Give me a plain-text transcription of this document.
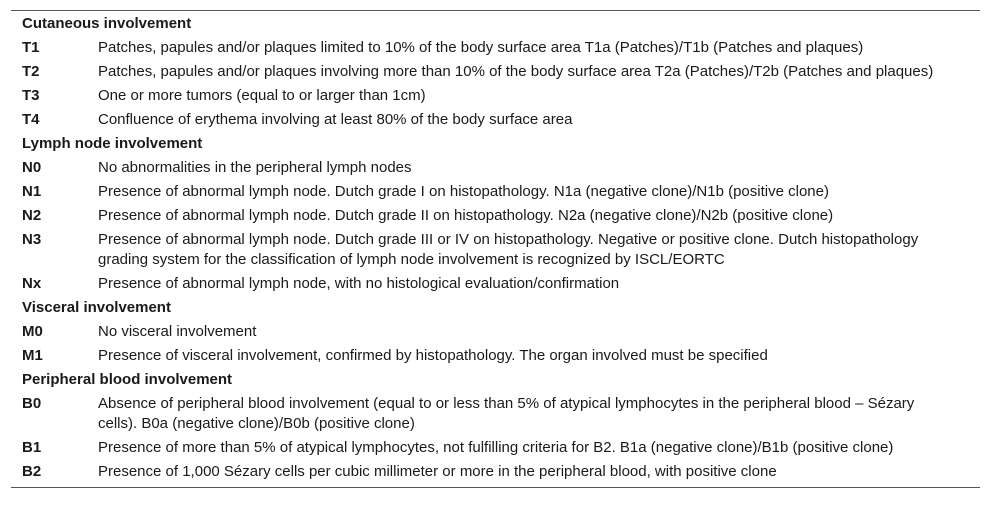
Cutaneous involvement	
T1	Patches, papules and/or plaques limited to 10% of the body surface area T1a (Patches)/T1b (Patches and plaques)
T2	Patches, papules and/or plaques involving more than 10% of the body surface area T2a (Patches)/T2b (Patches and plaques)
T3	One or more tumors (equal to or larger than 1cm)
T4	Confluence of erythema involving at least 80% of the body surface area
Lymph node involvement	
N0	No abnormalities in the peripheral lymph nodes
N1	Presence of abnormal lymph node. Dutch grade I on histopathology. N1a (negative clone)/N1b (positive clone)
N2	Presence of abnormal lymph node. Dutch grade II on histopathology. N2a (negative clone)/N2b (positive clone)
N3	Presence of abnormal lymph node. Dutch grade III or IV on histopathology. Negative or positive clone. Dutch histopathology grading system for the classification of lymph node involvement is recognized by ISCL/EORTC
Nx	Presence of abnormal lymph node, with no histological evaluation/confirmation
Visceral involvement	
M0	No visceral involvement
M1	Presence of visceral involvement, confirmed by histopathology. The organ involved must be specified
Peripheral blood involvement	
B0	Absence of peripheral blood involvement (equal to or less than 5% of atypical lymphocytes in the peripheral blood – Sézary cells). B0a (negative clone)/B0b (positive clone)
B1	Presence of more than 5% of atypical lymphocytes, not fulfilling criteria for B2. B1a (negative clone)/B1b (positive clone)
B2	Presence of 1,000 Sézary cells per cubic millimeter or more in the peripheral blood, with positive clone
